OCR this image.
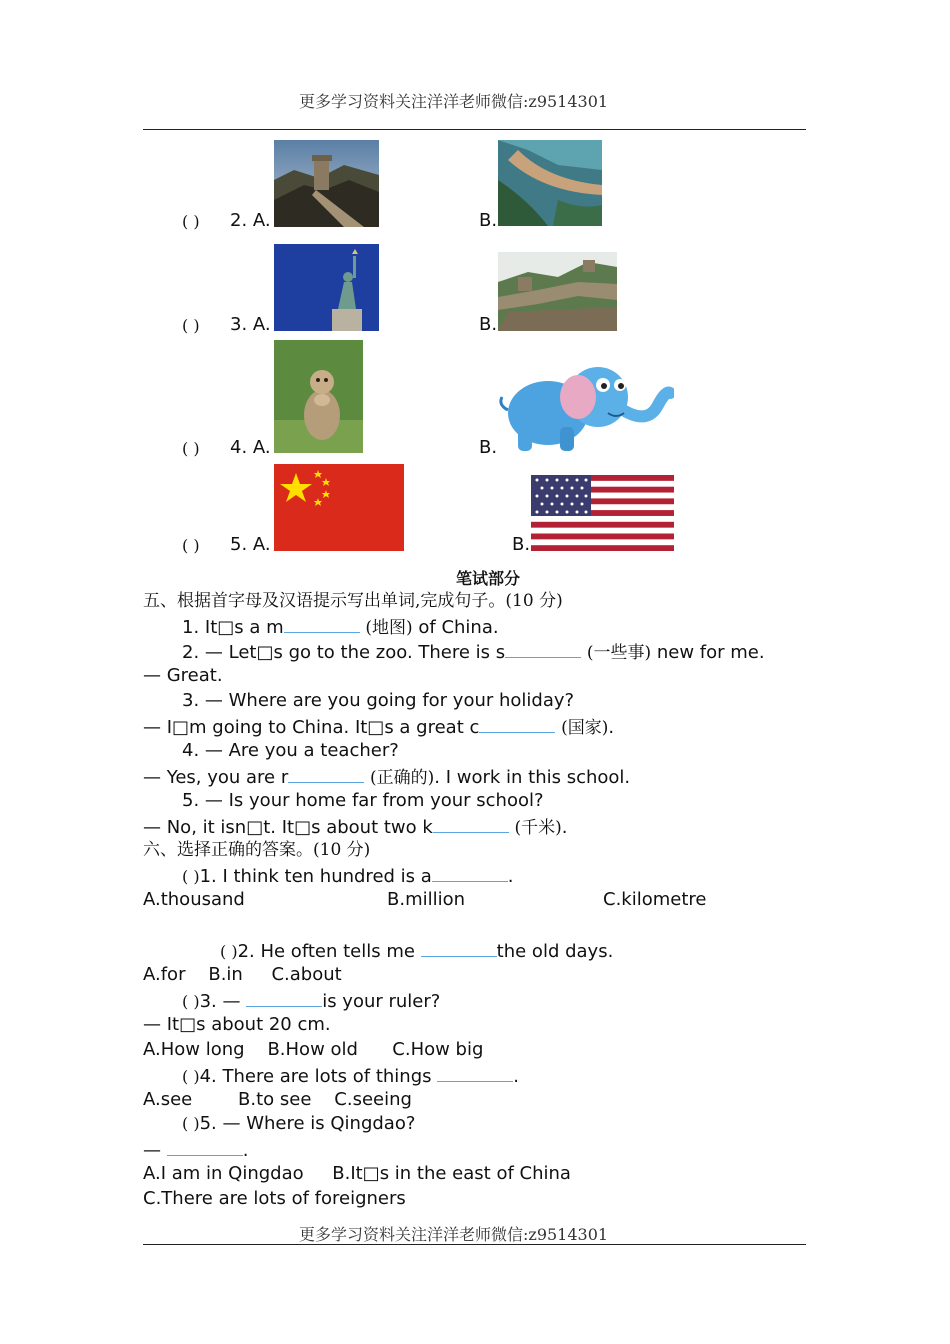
更多学习资料关注洋洋老师微信:z9514301
( ) 2. A.	B.
( ) 3. A.	B.
( ) 4. A.	B.
( ) 5. A.	B.
笔试部分
五、根据首字母及汉语提示写出单词,完成句子。(10 分)
1. It□s a m	(地图) of China.
2. — Let□s go to the zoo. There is s	(一些事) new for me.
— Great.
3. — Where are you going for your holiday?
— I□m going to China. It□s a great c	(国家).
4. — Are you a teacher?
— Yes, you are r	(正确的). I work in this school.
5. — Is your home far from your school?
— No, it isn□t. It□s about two k	(千米).
六、选择正确的答案。(10 分)
( )1. I think ten hundred is a	.
A.thousand	B.million	C.kilometre
( )2. He often tells me	the old days.
A.for    B.in     C.about
( )3. —	is your ruler?
— It□s about 20 cm.
A.How long    B.How old      C.How big
( )4. There are lots of things	.
A.see        B.to see    C.seeing
( )5. — Where is Qingdao?
—	.
A.I am in Qingdao     B.It□s in the east of China
C.There are lots of foreigners
更多学习资料关注洋洋老师微信:z9514301
